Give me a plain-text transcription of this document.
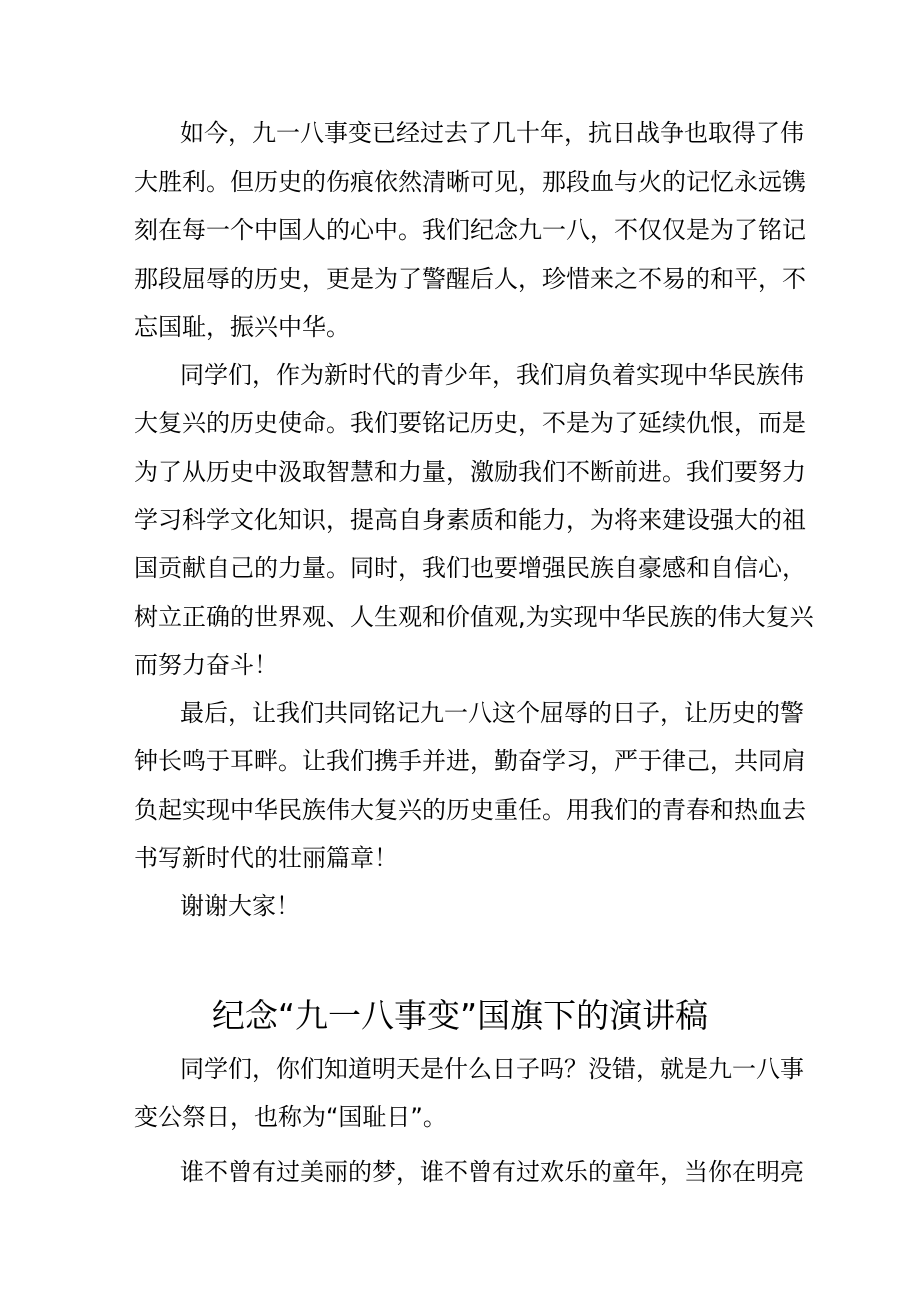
如今，九一八事变已经过去了几十年，抗日战争也取得了伟
大胜利。但历史的伤痕依然清晰可见，那段血与火的记忆永远镌
刻在每一个中国人的心中。我们纪念九一八，不仅仅是为了铭记
那段屈辱的历史，更是为了警醒后人，珍惜来之不易的和平，不
忘国耻，振兴中华。
同学们，作为新时代的青少年，我们肩负着实现中华民族伟
大复兴的历史使命。我们要铭记历史，不是为了延续仇恨，而是
为了从历史中汲取智慧和力量，激励我们不断前进。我们要努力
学习科学文化知识，提高自身素质和能力，为将来建设强大的祖
国贡献自己的力量。同时，我们也要增强民族自豪感和自信心，
树立正确的世界观、人生观和价值观,为实现中华民族的伟大复兴
而努力奋斗！
最后，让我们共同铭记九一八这个屈辱的日子，让历史的警
钟长鸣于耳畔。让我们携手并进，勤奋学习，严于律己，共同肩
负起实现中华民族伟大复兴的历史重任。用我们的青春和热血去
书写新时代的壮丽篇章！
谢谢大家！
纪念“九一八事变”国旗下的演讲稿
同学们，你们知道明天是什么日子吗？没错，就是九一八事
变公祭日，也称为“国耻日”。
谁不曾有过美丽的梦，谁不曾有过欢乐的童年，当你在明亮
